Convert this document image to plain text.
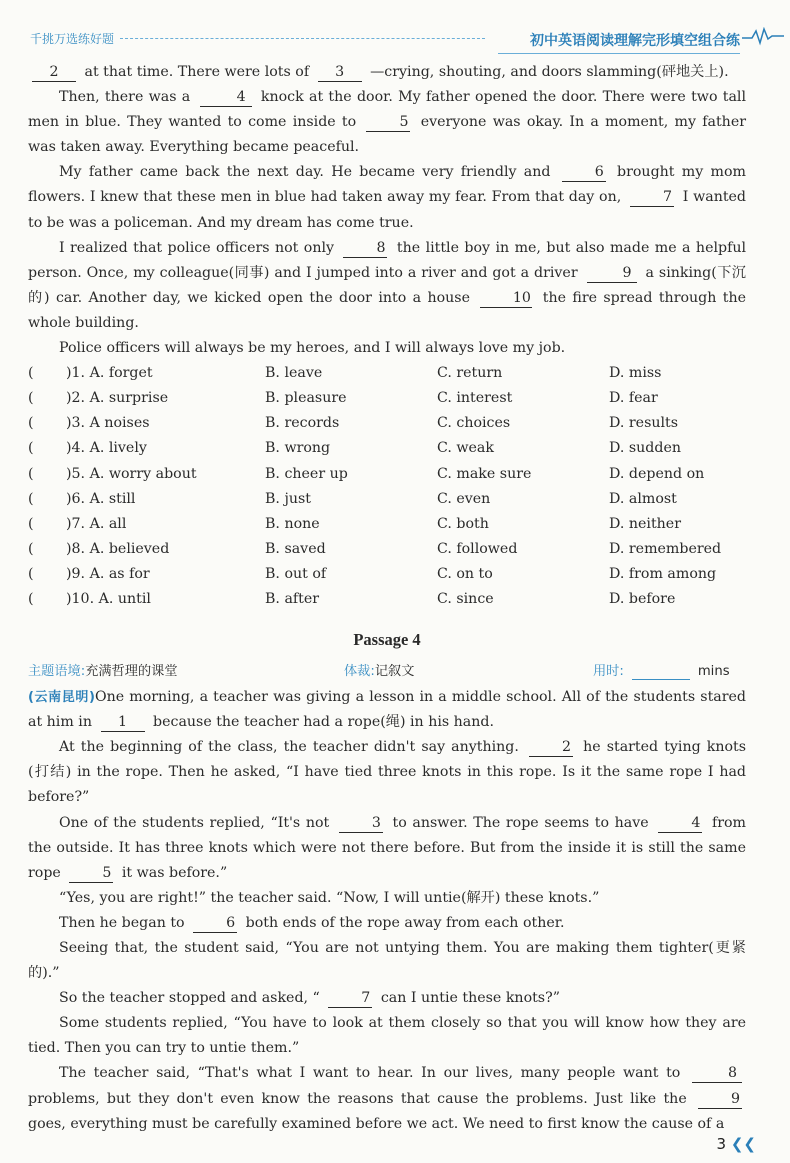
千挑万选练好题	初中英语阅读理解完形填空组合练

2 at that time. There were lots of 3 —crying, shouting, and doors slamming(砰地关上).

Then, there was a	4 knock at the door. My father opened the door. There were two tall men in blue. They wanted to come inside to	5 everyone was okay. In a moment, my father was taken away. Everything became peaceful.

My father came back the next day. He became very friendly and	6 brought my mom flowers. I knew that these men in blue had taken away my fear. From that day on,	7 I wanted to be was a policeman. And my dream has come true.

I realized that police officers not only	8 the little boy in me, but also made me a helpful person. Once, my colleague(同事) and I jumped into a river and got a driver	9 a sinking(下沉的) car. Another day, we kicked open the door into a house	10 the fire spread through the whole building.

Police officers will always be my heroes, and I will always love my job.

( )1. A. forget	B. leave	C. return	D. miss
( )2. A. surprise	B. pleasure	C. interest	D. fear
( )3. A noises	B. records	C. choices	D. results
( )4. A. lively	B. wrong	C. weak	D. sudden
( )5. A. worry about	B. cheer up	C. make sure	D. depend on
( )6. A. still	B. just	C. even	D. almost
( )7. A. all	B. none	C. both	D. neither
( )8. A. believed	B. saved	C. followed	D. remembered
( )9. A. as for	B. out of	C. on to	D. from among
( )10. A. until	B. after	C. since	D. before
Passage 4
主题语境:充满哲理的课堂	体裁:记叙文	用时:	mins

(云南昆明)One morning, a teacher was giving a lesson in a middle school. All of the students stared at him in 1 because the teacher had a rope(绳) in his hand.

At the beginning of the class, the teacher didn't say anything.	2 he started tying knots (打结) in the rope. Then he asked, “I have tied three knots in this rope. Is it the same rope I had before?”

One of the students replied, “It's not	3 to answer. The rope seems to have	4 from the outside. It has three knots which were not there before. But from the inside it is still the same rope	5 it was before.”

“Yes, you are right!” the teacher said. “Now, I will untie(解开) these knots.”

Then he began to	6 both ends of the rope away from each other.

Seeing that, the student said, “You are not untying them. You are making them tighter(更紧的).”

So the teacher stopped and asked, “	7 can I untie these knots?”

Some students replied, “You have to look at them closely so that you will know how they are tied. Then you can try to untie them.”

The teacher said, “That's what I want to hear. In our lives, many people want to	8 problems, but they don't even know the reasons that cause the problems. Just like the	9 goes, everything must be carefully examined before we act. We need to first know the cause of a

3 ❮❮
